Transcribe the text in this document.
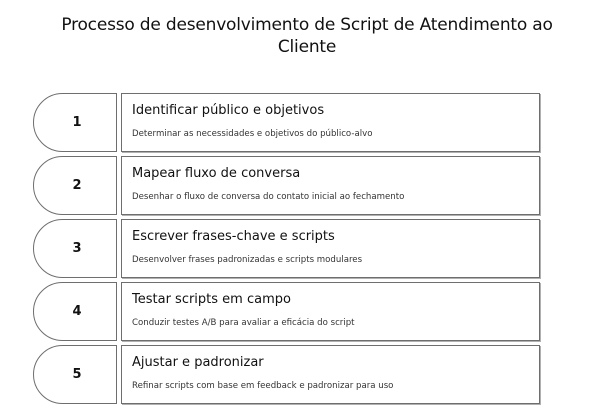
Processo de desenvolvimento de Script de Atendimento ao
Cliente
1
Identificar público e objetivos
Determinar as necessidades e objetivos do público-alvo
2
Mapear fluxo de conversa
Desenhar o fluxo de conversa do contato inicial ao fechamento
3
Escrever frases-chave e scripts
Desenvolver frases padronizadas e scripts modulares
4
Testar scripts em campo
Conduzir testes A/B para avaliar a eficácia do script
5
Ajustar e padronizar
Refinar scripts com base em feedback e padronizar para uso
